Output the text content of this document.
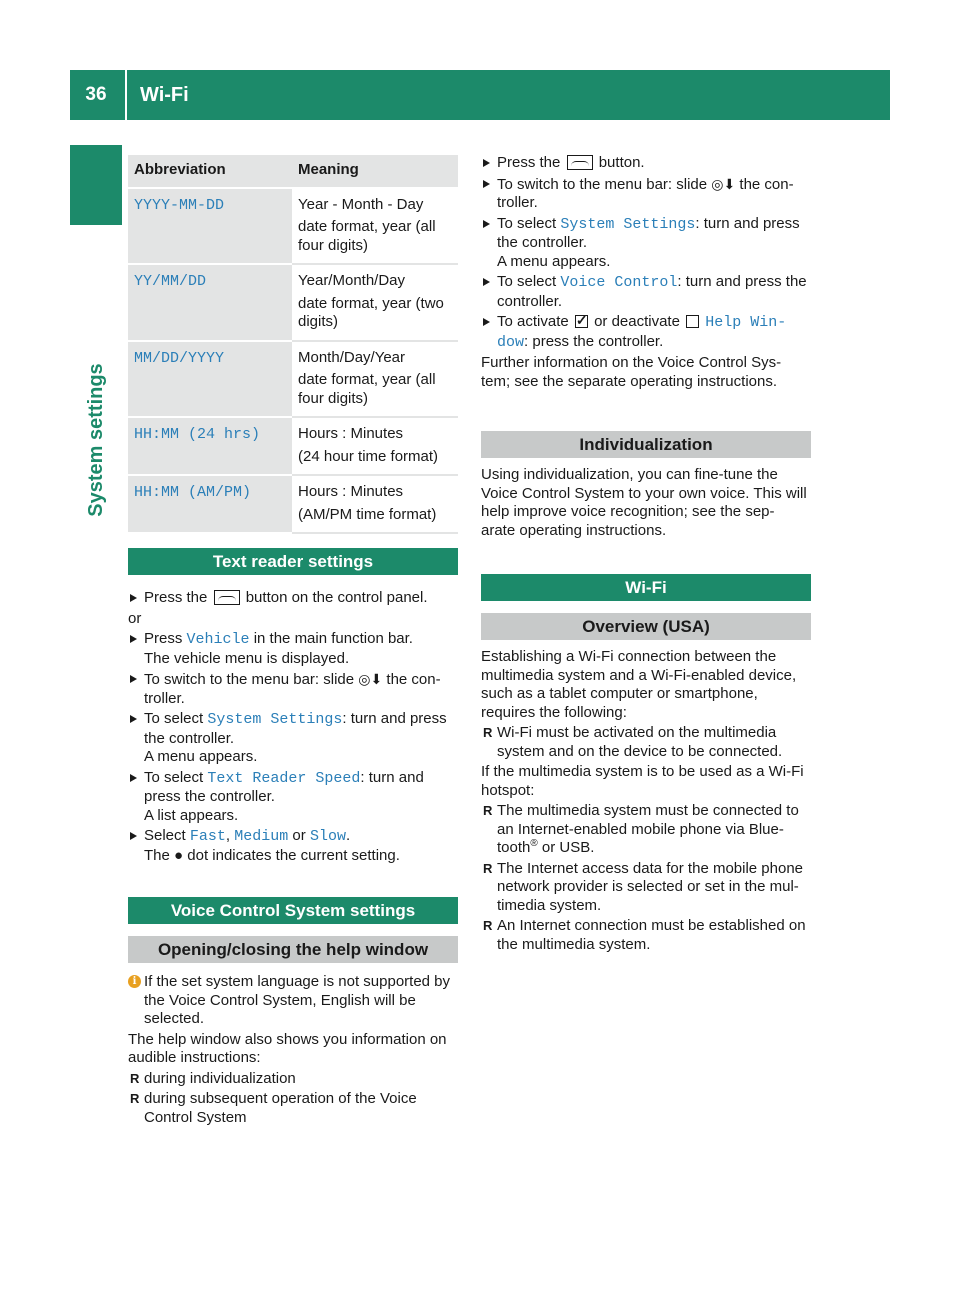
36	Wi-Fi
System settings
Abbreviation	Meaning
YYYY-MM-DD	Year - Month - Day
date format, year (all four digits)
YY/MM/DD	Year/Month/Day
date format, year (two digits)
MM/DD/YYYY	Month/Day/Year
date format, year (all four digits)
HH:MM (24 hrs)	Hours : Minutes
(24 hour time format)
HH:MM (AM/PM)	Hours : Minutes
(AM/PM time format)
Text reader settings
Press the	button on the control panel.

or

Press Vehicle in the main function bar.
The vehicle menu is displayed.
To switch to the menu bar: slide ◎⬇ the con- troller.
To select System Settings: turn and press the controller.
A menu appears.
To select Text Reader Speed: turn and press the controller.
A list appears.
Select Fast, Medium or Slow.
The ● dot indicates the current setting.
Voice Control System settings
Opening/closing the help window
i If the set system language is not supported by the Voice Control System, English will be selected.

The help window also shows you information on audible instructions:

R during individualization
R during subsequent operation of the Voice Control System
Press the	button.
To switch to the menu bar: slide ◎⬇ the con- troller.
To select System Settings: turn and press the controller.
A menu appears.
To select Voice Control: turn and press the controller.
To activate ✓ or deactivate Help Win- dow: press the controller.

Further information on the Voice Control Sys- tem; see the separate operating instructions.

Individualization

Using individualization, you can fine-tune the Voice Control System to your own voice. This will help improve voice recognition; see the sep- arate operating instructions.

Wi-Fi
Overview (USA)

Establishing a Wi-Fi connection between the multimedia system and a Wi-Fi-enabled device, such as a tablet computer or smartphone, requires the following:

R Wi-Fi must be activated on the multimedia system and on the device to be connected.

If the multimedia system is to be used as a Wi-Fi hotspot:

R The multimedia system must be connected to an Internet-enabled mobile phone via Blue- tooth® or USB.
R The Internet access data for the mobile phone network provider is selected or set in the mul- timedia system.
R An Internet connection must be established on the multimedia system.
